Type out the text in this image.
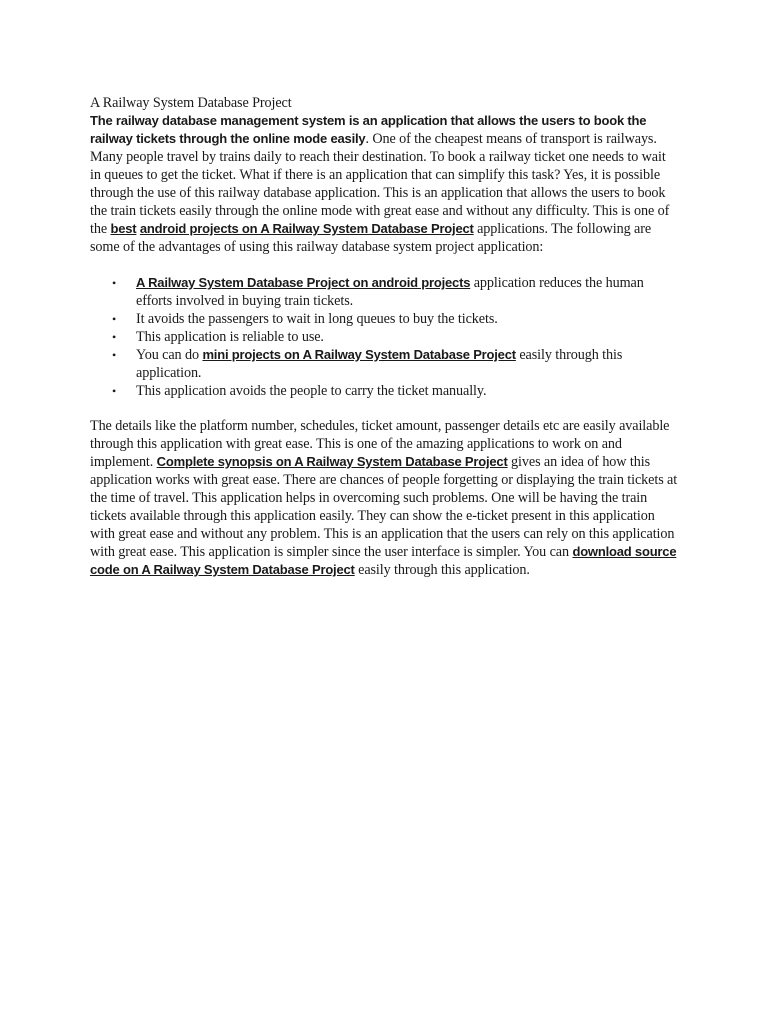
A Railway System Database Project

The railway database management system is an application that allows the users to book the railway tickets through the online mode easily. One of the cheapest means of transport is railways. Many people travel by trains daily to reach their destination. To book a railway ticket one needs to wait in queues to get the ticket. What if there is an application that can simplify this task? Yes, it is possible through the use of this railway database application. This is an application that allows the users to book the train tickets easily through the online mode with great ease and without any difficulty. This is one of the best android projects on A Railway System Database Project applications. The following are some of the advantages of using this railway database system project application:

• A Railway System Database Project on android projects application reduces the human efforts involved in buying train tickets.
• It avoids the passengers to wait in long queues to buy the tickets.
• This application is reliable to use.
• You can do mini projects on A Railway System Database Project easily through this application.
• This application avoids the people to carry the ticket manually.

The details like the platform number, schedules, ticket amount, passenger details etc are easily available through this application with great ease. This is one of the amazing applications to work on and implement. Complete synopsis on A Railway System Database Project gives an idea of how this application works with great ease. There are chances of people forgetting or displaying the train tickets at the time of travel. This application helps in overcoming such problems. One will be having the train tickets available through this application easily. They can show the e-ticket present in this application with great ease and without any problem. This is an application that the users can rely on this application with great ease. This application is simpler since the user interface is simpler. You can download source code on A Railway System Database Project easily through this application.
